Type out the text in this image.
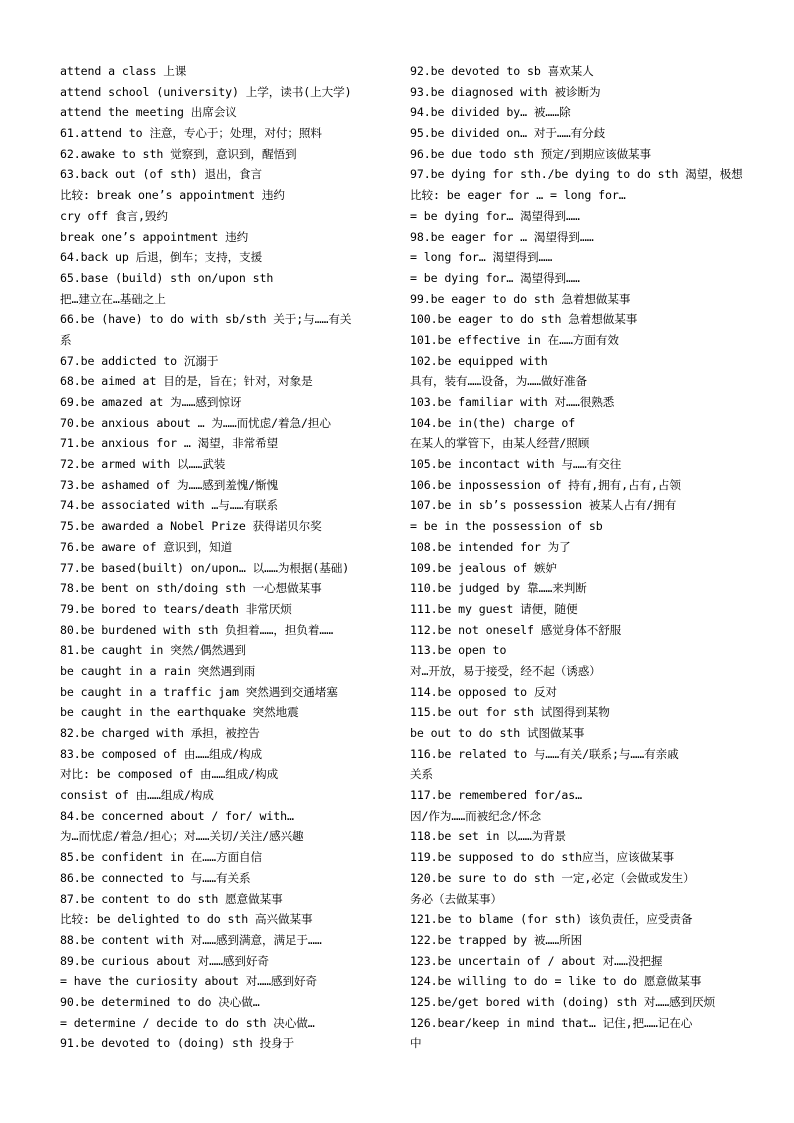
attend a class 上课
attend school (university) 上学，读书(上大学)
attend the meeting 出席会议
61.attend to 注意，专心于；处理，对付；照料
62.awake to sth 觉察到，意识到，醒悟到
63.back out (of sth) 退出，食言
比较: break one’s appointment 违约
cry off 食言,毁约
break one’s appointment 违约
64.back up 后退，倒车；支持，支援
65.base (build) sth on/upon sth
把…建立在…基础之上
66.be (have) to do with sb/sth 关于;与……有关
系
67.be addicted to 沉溺于
68.be aimed at 目的是，旨在；针对，对象是
69.be amazed at 为……感到惊讶
70.be anxious about … 为……而忧虑/着急/担心
71.be anxious for … 渴望，非常希望
72.be armed with 以……武装
73.be ashamed of 为……感到羞愧/惭愧
74.be associated with …与……有联系
75.be awarded a Nobel Prize 获得诺贝尔奖
76.be aware of 意识到，知道
77.be based(built) on/upon… 以……为根据(基础)
78.be bent on sth/doing sth 一心想做某事
79.be bored to tears/death 非常厌烦
80.be burdened with sth 负担着……，担负着……
81.be caught in 突然/偶然遇到
be caught in a rain 突然遇到雨
be caught in a traffic jam 突然遇到交通堵塞
be caught in the earthquake 突然地震
82.be charged with 承担，被控告
83.be composed of 由……组成/构成
对比: be composed of 由……组成/构成
consist of 由……组成/构成
84.be concerned about / for/ with…
为…而忧虑/着急/担心；对……关切/关注/感兴趣
85.be confident in 在……方面自信
86.be connected to 与……有关系
87.be content to do sth 愿意做某事
比较: be delighted to do sth 高兴做某事
88.be content with 对……感到满意，满足于……
89.be curious about 对……感到好奇
= have the curiosity about 对……感到好奇
90.be determined to do 决心做…
= determine / decide to do sth 决心做…
91.be devoted to (doing) sth 投身于
92.be devoted to sb 喜欢某人
93.be diagnosed with 被诊断为
94.be divided by… 被……除
95.be divided on… 对于……有分歧
96.be due todo sth 预定/到期应该做某事
97.be dying for sth./be dying to do sth 渴望，极想
比较: be eager for … = long for…
= be dying for… 渴望得到……
98.be eager for … 渴望得到……
= long for… 渴望得到……
= be dying for… 渴望得到……
99.be eager to do sth 急着想做某事
100.be eager to do sth 急着想做某事
101.be effective in 在……方面有效
102.be equipped with
具有，装有……设备，为……做好准备
103.be familiar with 对……很熟悉
104.be in(the) charge of
在某人的掌管下，由某人经营/照顾
105.be incontact with 与……有交往
106.be inpossession of 持有,拥有,占有,占领
107.be in sb’s possession 被某人占有/拥有
= be in the possession of sb
108.be intended for 为了
109.be jealous of 嫉妒
110.be judged by 靠……来判断
111.be my guest 请便，随便
112.be not oneself 感觉身体不舒服
113.be open to
对…开放，易于接受，经不起（诱惑）
114.be opposed to 反对
115.be out for sth 试图得到某物
be out to do sth 试图做某事
116.be related to 与……有关/联系;与……有亲戚
关系
117.be remembered for/as…
因/作为……而被纪念/怀念
118.be set in 以……为背景
119.be supposed to do sth应当，应该做某事
120.be sure to do sth 一定,必定（会做或发生）
务必（去做某事）
121.be to blame (for sth) 该负责任，应受责备
122.be trapped by 被……所困
123.be uncertain of / about 对……没把握
124.be willing to do = like to do 愿意做某事
125.be/get bored with (doing) sth 对……感到厌烦
126.bear/keep in mind that… 记住,把……记在心
中
